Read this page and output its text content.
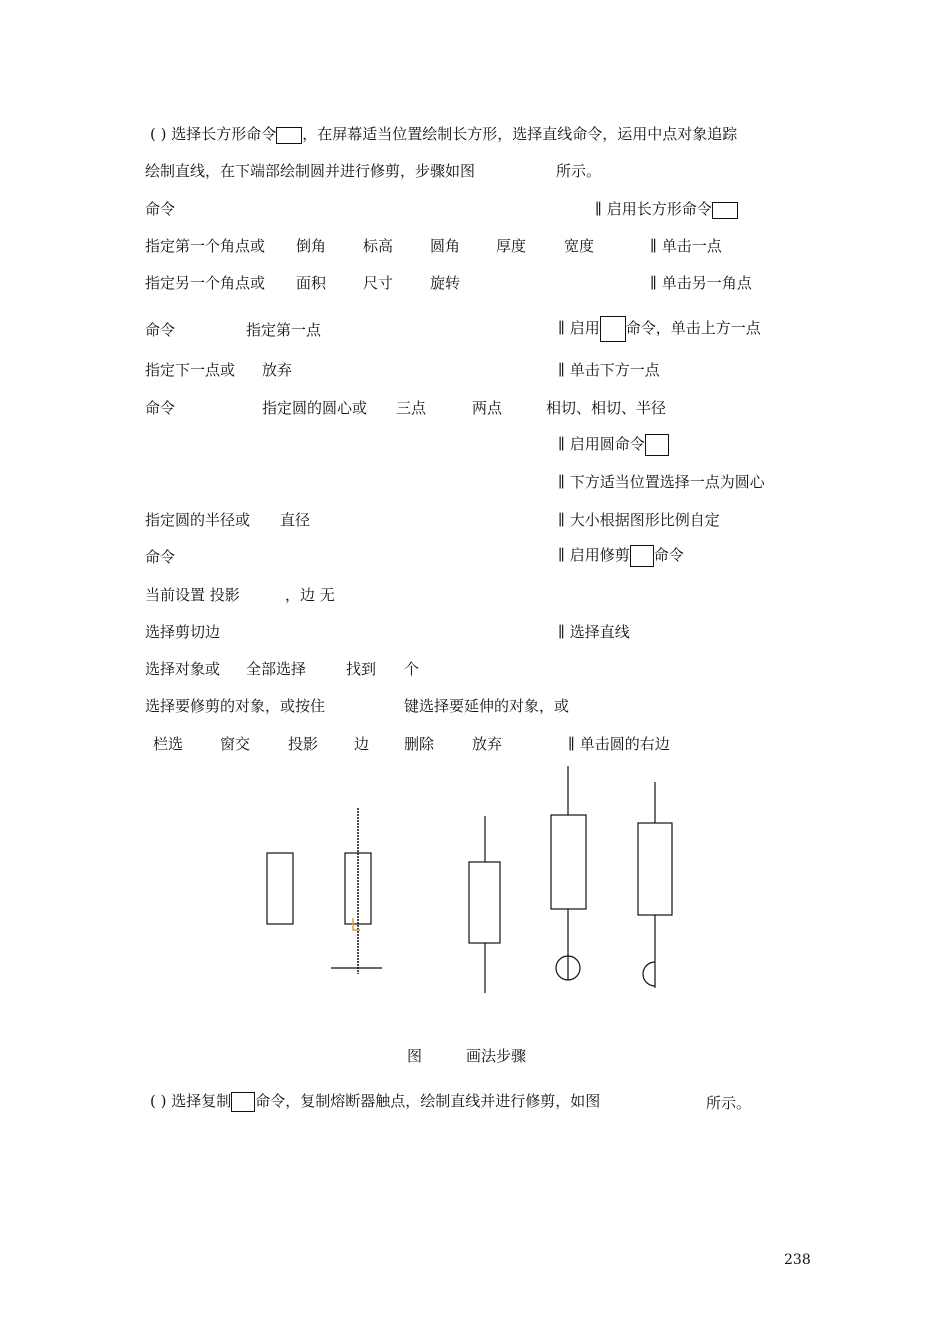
( ) 选择长方形命令 ，在屏幕适当位置绘制长方形，选择直线命令，运用中点对象追踪
绘制直线，在下端部绘制圆并进行修剪，步骤如图	所示。
命令	∥ 启用长方形命令
指定第一个角点或 倒角 标高 圆角 厚度	宽度	∥ 单击一点
指定另一个角点或 面积 尺寸 旋转	∥ 单击另一角点
命令	指定第一点	∥ 启用 命令，单击上方一点
指定下一点或 放弃	∥ 单击下方一点
命令	指定圆的圆心或 三点	两点	相切、相切、半径
∥ 启用圆命令
∥ 下方适当位置选择一点为圆心
指定圆的半径或 直径	∥ 大小根据图形比例自定
命令	∥ 启用修剪 命令
当前设置 投影	，边 无
选择剪切边	∥ 选择直线
选择对象或 全部选择	找到 个
选择要修剪的对象，或按住	键选择要延伸的对象，或
栏选 窗交	投影 边 删除	放弃	∥ 单击圆的右边
图	画法步骤
( ) 选择复制 命令，复制熔断器触点，绘制直线并进行修剪，如图	所示。
238
